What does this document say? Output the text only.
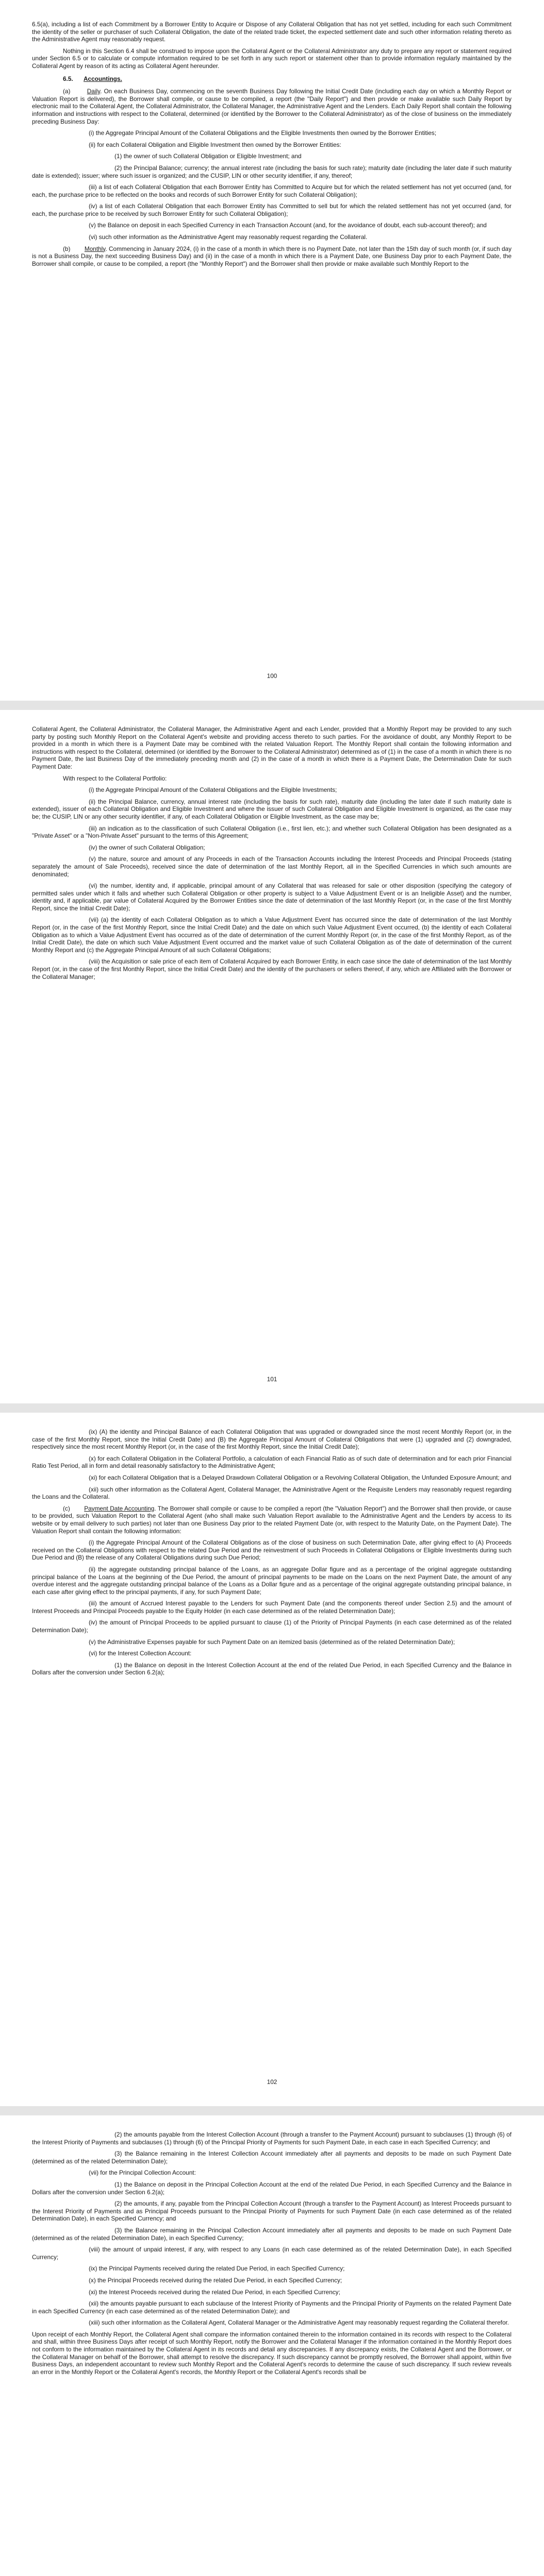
6.5(a), including a list of each Commitment by a Borrower Entity to Acquire or Dispose of any Collateral Obligation that has not yet settled, including for each such Commitment the identity of the seller or purchaser of such Collateral Obligation, the date of the related trade ticket, the expected settlement date and such other information relating thereto as the Administrative Agent may reasonably request.

Nothing in this Section 6.4 shall be construed to impose upon the Collateral Agent or the Collateral Administrator any duty to prepare any report or statement required under Section 6.5 or to calculate or compute information required to be set forth in any such report or statement other than to provide information regularly maintained by the Collateral Agent by reason of its acting as Collateral Agent hereunder.

6.5. Accountings.

(a)	Daily. On each Business Day, commencing on the seventh Business Day following the Initial Credit Date (including each day on which a Monthly Report or Valuation Report is delivered), the Borrower shall compile, or cause to be compiled, a report (the "Daily Report") and then provide or make available such Daily Report by electronic mail to the Collateral Agent, the Collateral Administrator, the Collateral Manager, the Administrative Agent and the Lenders. Each Daily Report shall contain the following information and instructions with respect to the Collateral, determined (or identified by the Borrower to the Collateral Administrator) as of the close of business on the immediately preceding Business Day:

(i) the Aggregate Principal Amount of the Collateral Obligations and the Eligible Investments then owned by the Borrower Entities;

(ii) for each Collateral Obligation and Eligible Investment then owned by the Borrower Entities:

(1) the owner of such Collateral Obligation or Eligible Investment; and

(2) the Principal Balance; currency; the annual interest rate (including the basis for such rate); maturity date (including the later date if such maturity date is extended); issuer; where such issuer is organized; and the CUSIP, LIN or other security identifier, if any, thereof;

(iii) a list of each Collateral Obligation that each Borrower Entity has Committed to Acquire but for which the related settlement has not yet occurred (and, for each, the purchase price to be reflected on the books and records of such Borrower Entity for such Collateral Obligation);

(iv) a list of each Collateral Obligation that each Borrower Entity has Committed to sell but for which the related settlement has not yet occurred (and, for each, the purchase price to be received by such Borrower Entity for such Collateral Obligation);

(v) the Balance on deposit in each Specified Currency in each Transaction Account (and, for the avoidance of doubt, each sub-account thereof); and

(vi) such other information as the Administrative Agent may reasonably request regarding the Collateral.

(b) Monthly. Commencing in January 2024, (i) in the case of a month in which there is no Payment Date, not later than the 15th day of such month (or, if such day is not a Business Day, the next succeeding Business Day) and (ii) in the case of a month in which there is a Payment Date, one Business Day prior to each Payment Date, the Borrower shall compile, or cause to be compiled, a report (the "Monthly Report") and the Borrower shall then provide or make available such Monthly Report to the

100

Collateral Agent, the Collateral Administrator, the Collateral Manager, the Administrative Agent and each Lender, provided that a Monthly Report may be provided to any such party by posting such Monthly Report on the Collateral Agent's website and providing access thereto to such parties. For the avoidance of doubt, any Monthly Report to be provided in a month in which there is a Payment Date may be combined with the related Valuation Report. The Monthly Report shall contain the following information and instructions with respect to the Collateral, determined (or identified by the Borrower to the Collateral Administrator) determined as of (1) in the case of a month in which there is no Payment Date, the last Business Day of the immediately preceding month and (2) in the case of a month in which there is a Payment Date, the Determination Date for such Payment Date:

With respect to the Collateral Portfolio:

(i) the Aggregate Principal Amount of the Collateral Obligations and the Eligible Investments;

(ii) the Principal Balance, currency, annual interest rate (including the basis for such rate), maturity date (including the later date if such maturity date is extended), issuer of each Collateral Obligation and Eligible Investment and where the issuer of such Collateral Obligation and Eligible Investment is organized, as the case may be; the CUSIP, LIN or any other security identifier, if any, of each Collateral Obligation or Eligible Investment, as the case may be;

(iii) an indication as to the classification of such Collateral Obligation (i.e., first lien, etc.); and whether such Collateral Obligation has been designated as a "Private Asset" or a "Non-Private Asset" pursuant to the terms of this Agreement;

(iv) the owner of such Collateral Obligation;

(v) the nature, source and amount of any Proceeds in each of the Transaction Accounts including the Interest Proceeds and Principal Proceeds (stating separately the amount of Sale Proceeds), received since the date of determination of the last Monthly Report, all in the Specified Currencies in which such amounts are denominated;

(vi) the number, identity and, if applicable, principal amount of any Collateral that was released for sale or other disposition (specifying the category of permitted sales under which it falls and whether such Collateral Obligation or other property is subject to a Value Adjustment Event or is an Ineligible Asset) and the number, identity and, if applicable, par value of Collateral Acquired by the Borrower Entities since the date of determination of the last Monthly Report (or, in the case of the first Monthly Report, since the Initial Credit Date);

(vii) (a) the identity of each Collateral Obligation as to which a Value Adjustment Event has occurred since the date of determination of the last Monthly Report (or, in the case of the first Monthly Report, since the Initial Credit Date) and the date on which such Value Adjustment Event occurred, (b) the identity of each Collateral Obligation as to which a Value Adjustment Event has occurred as of the date of determination of the current Monthly Report (or, in the case of the first Monthly Report, as of the Initial Credit Date), the date on which such Value Adjustment Event occurred and the market value of such Collateral Obligation as of the date of determination of the current Monthly Report and (c) the Aggregate Principal Amount of all such Collateral Obligations;

(viii) the Acquisition or sale price of each item of Collateral Acquired by each Borrower Entity, in each case since the date of determination of the last Monthly Report (or, in the case of the first Monthly Report, since the Initial Credit Date) and the identity of the purchasers or sellers thereof, if any, which are Affiliated with the Borrower or the Collateral Manager;

101

(ix) (A) the identity and Principal Balance of each Collateral Obligation that was upgraded or downgraded since the most recent Monthly Report (or, in the case of the first Monthly Report, since the Initial Credit Date) and (B) the Aggregate Principal Amount of Collateral Obligations that were (1) upgraded and (2) downgraded, respectively since the most recent Monthly Report (or, in the case of the first Monthly Report, since the Initial Credit Date);

(x) for each Collateral Obligation in the Collateral Portfolio, a calculation of each Financial Ratio as of such date of determination and for each prior Financial Ratio Test Period, all in form and detail reasonably satisfactory to the Administrative Agent;

(xi) for each Collateral Obligation that is a Delayed Drawdown Collateral Obligation or a Revolving Collateral Obligation, the Unfunded Exposure Amount; and

(xii) such other information as the Collateral Agent, Collateral Manager, the Administrative Agent or the Requisite Lenders may reasonably request regarding the Loans and the Collateral.

(c) Payment Date Accounting. The Borrower shall compile or cause to be compiled a report (the "Valuation Report") and the Borrower shall then provide, or cause to be provided, such Valuation Report to the Collateral Agent (who shall make such Valuation Report available to the Administrative Agent and the Lenders by access to its website or by email delivery to such parties) not later than one Business Day prior to the related Payment Date (or, with respect to the Maturity Date, on the Payment Date). The Valuation Report shall contain the following information:

(i) the Aggregate Principal Amount of the Collateral Obligations as of the close of business on such Determination Date, after giving effect to (A) Proceeds received on the Collateral Obligations with respect to the related Due Period and the reinvestment of such Proceeds in Collateral Obligations or Eligible Investments during such Due Period and (B) the release of any Collateral Obligations during such Due Period;

(ii) the aggregate outstanding principal balance of the Loans, as an aggregate Dollar figure and as a percentage of the original aggregate outstanding principal balance of the Loans at the beginning of the Due Period, the amount of principal payments to be made on the Loans on the next Payment Date, the amount of any overdue interest and the aggregate outstanding principal balance of the Loans as a Dollar figure and as a percentage of the original aggregate outstanding principal balance, in each case after giving effect to the principal payments, if any, for such Payment Date;

(iii) the amount of Accrued Interest payable to the Lenders for such Payment Date (and the components thereof under Section 2.5) and the amount of Interest Proceeds and Principal Proceeds payable to the Equity Holder (in each case determined as of the related Determination Date);

(iv) the amount of Principal Proceeds to be applied pursuant to clause (1) of the Priority of Principal Payments (in each case determined as of the related Determination Date);

(v) the Administrative Expenses payable for such Payment Date on an itemized basis (determined as of the related Determination Date);

(vi) for the Interest Collection Account:

(1) the Balance on deposit in the Interest Collection Account at the end of the related Due Period, in each Specified Currency and the Balance in Dollars after the conversion under Section 6.2(a);

102

(2) the amounts payable from the Interest Collection Account (through a transfer to the Payment Account) pursuant to subclauses (1) through (6) of the Interest Priority of Payments and subclauses (1) through (6) of the Principal Priority of Payments for such Payment Date, in each case in each Specified Currency; and

(3) the Balance remaining in the Interest Collection Account immediately after all payments and deposits to be made on such Payment Date (determined as of the related Determination Date);

(vii) for the Principal Collection Account:

(1) the Balance on deposit in the Principal Collection Account at the end of the related Due Period, in each Specified Currency and the Balance in Dollars after the conversion under Section 6.2(a);

(2) the amounts, if any, payable from the Principal Collection Account (through a transfer to the Payment Account) as Interest Proceeds pursuant to the Interest Priority of Payments and as Principal Proceeds pursuant to the Principal Priority of Payments for such Payment Date (in each case determined as of the related Determination Date), in each Specified Currency; and

(3) the Balance remaining in the Principal Collection Account immediately after all payments and deposits to be made on such Payment Date (determined as of the related Determination Date), in each Specified Currency;

(viii) the amount of unpaid interest, if any, with respect to any Loans (in each case determined as of the related Determination Date), in each Specified Currency;

(ix) the Principal Payments received during the related Due Period, in each Specified Currency;

(x) the Principal Proceeds received during the related Due Period, in each Specified Currency;

(xi) the Interest Proceeds received during the related Due Period, in each Specified Currency;

(xii) the amounts payable pursuant to each subclause of the Interest Priority of Payments and the Principal Priority of Payments on the related Payment Date in each Specified Currency (in each case determined as of the related Determination Date); and

(xiii) such other information as the Collateral Agent, Collateral Manager or the Administrative Agent may reasonably request regarding the Collateral therefor.

Upon receipt of each Monthly Report, the Collateral Agent shall compare the information contained therein to the information contained in its records with respect to the Collateral and shall, within three Business Days after receipt of such Monthly Report, notify the Borrower and the Collateral Manager if the information contained in the Monthly Report does not conform to the information maintained by the Collateral Agent in its records and detail any discrepancies. If any discrepancy exists, the Collateral Agent and the Borrower, or the Collateral Manager on behalf of the Borrower, shall attempt to resolve the discrepancy. If such discrepancy cannot be promptly resolved, the Borrower shall appoint, within five Business Days, an independent accountant to review such Monthly Report and the Collateral Agent's records to determine the cause of such discrepancy. If such review reveals an error in the Monthly Report or the Collateral Agent's records, the Monthly Report or the Collateral Agent's records shall be
